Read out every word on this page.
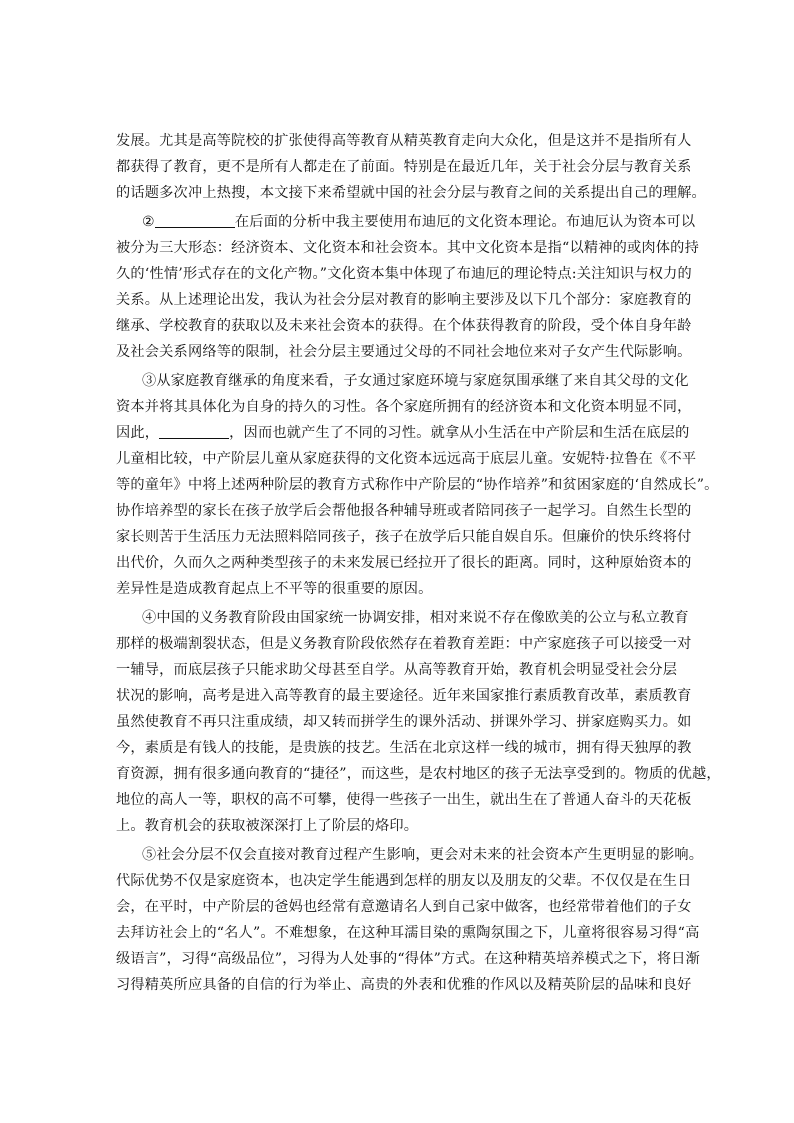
发展。尤其是高等院校的扩张使得高等教育从精英教育走向大众化，但是这并不是指所有人
都获得了教育，更不是所有人都走在了前面。特别是在最近几年，关于社会分层与教育关系
的话题多次冲上热搜，本文接下来希望就中国的社会分层与教育之间的关系提出自己的理解。
②	在后面的分析中我主要使用布迪厄的文化资本理论。布迪厄认为资本可以
被分为三大形态：经济资本、文化资本和社会资本。其中文化资本是指“以精神的或肉体的持
久的‘性情’形式存在的文化产物。”文化资本集中体现了布迪厄的理论特点:关注知识与权力的
关系。从上述理论出发，我认为社会分层对教育的影响主要涉及以下几个部分：家庭教育的
继承、学校教育的获取以及未来社会资本的获得。在个体获得教育的阶段，受个体自身年龄
及社会关系网络等的限制，社会分层主要通过父母的不同社会地位来对子女产生代际影响。
③从家庭教育继承的角度来看，子女通过家庭环境与家庭氛围承继了来自其父母的文化
资本并将其具体化为自身的持久的习性。各个家庭所拥有的经济资本和文化资本明显不同，
因此，	，因而也就产生了不同的习性。就拿从小生活在中产阶层和生活在底层的
儿童相比较，中产阶层儿童从家庭获得的文化资本远远高于底层儿童。安妮特·拉鲁在《不平
等的童年》中将上述两种阶层的教育方式称作中产阶层的“协作培养”和贫困家庭的‘自然成长”。
协作培养型的家长在孩子放学后会帮他报各种辅导班或者陪同孩子一起学习。自然生长型的
家长则苦于生活压力无法照料陪同孩子，孩子在放学后只能自娱自乐。但廉价的快乐终将付
出代价，久而久之两种类型孩子的未来发展已经拉开了很长的距离。同时，这种原始资本的
差异性是造成教育起点上不平等的很重要的原因。
④中国的义务教育阶段由国家统一协调安排，相对来说不存在像欧美的公立与私立教育
那样的极端割裂状态，但是义务教育阶段依然存在着教育差距：中产家庭孩子可以接受一对
一辅导，而底层孩子只能求助父母甚至自学。从高等教育开始，教育机会明显受社会分层
状况的影响，高考是进入高等教育的最主要途径。近年来国家推行素质教育改革，素质教育
虽然使教育不再只注重成绩，却又转而拼学生的课外活动、拼课外学习、拼家庭购买力。如
今，素质是有钱人的技能，是贵族的技艺。生活在北京这样一线的城市，拥有得天独厚的教
育资源，拥有很多通向教育的“捷径”，而这些，是农村地区的孩子无法享受到的。物质的优越，
地位的高人一等，职权的高不可攀，使得一些孩子一出生，就出生在了普通人奋斗的天花板
上。教育机会的获取被深深打上了阶层的烙印。
⑤社会分层不仅会直接对教育过程产生影响，更会对未来的社会资本产生更明显的影响。
代际优势不仅是家庭资本，也决定学生能遇到怎样的朋友以及朋友的父辈。不仅仅是在生日
会，在平时，中产阶层的爸妈也经常有意邀请名人到自己家中做客，也经常带着他们的子女
去拜访社会上的“名人”。不难想象，在这种耳濡目染的熏陶氛围之下，儿童将很容易习得“高
级语言”，习得“高级品位”，习得为人处事的“得体”方式。在这种精英培养模式之下，将日渐
习得精英所应具备的自信的行为举止、高贵的外表和优雅的作风以及精英阶层的品味和良好
